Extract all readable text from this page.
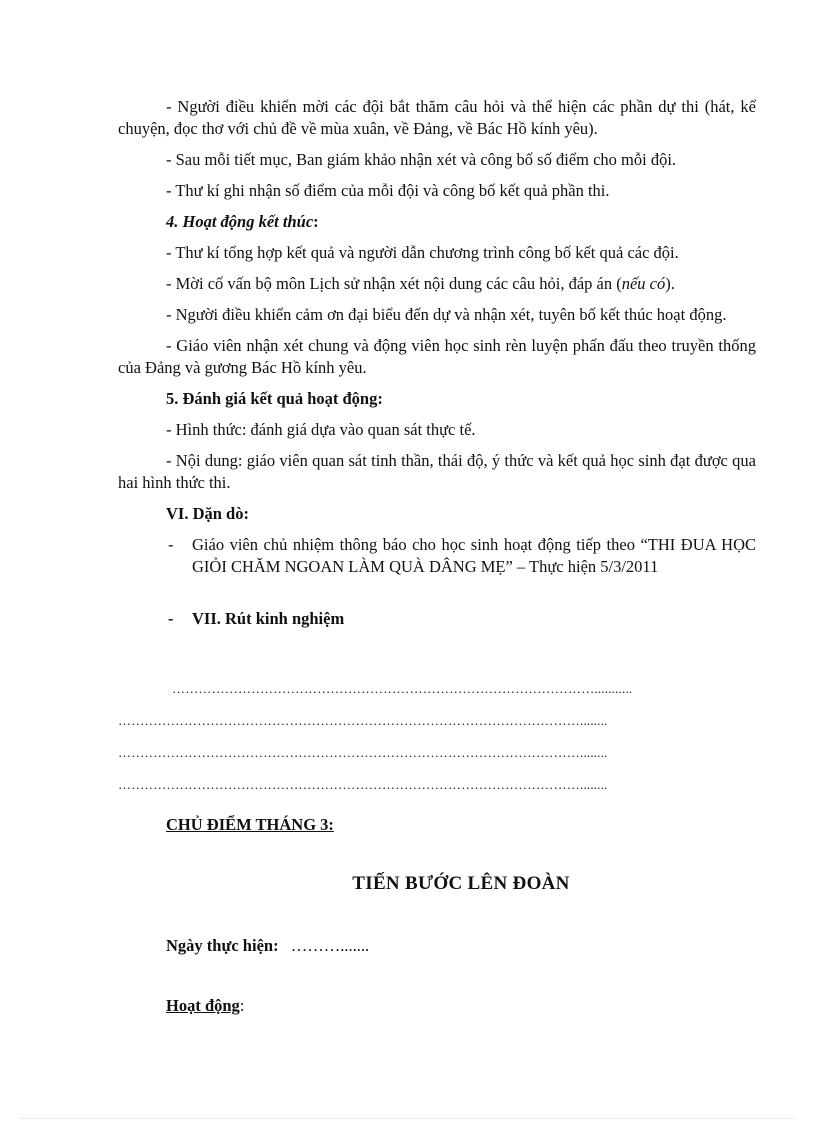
- Người điều khiển mời các đội bắt thăm câu hỏi và thể hiện các phần dự thi (hát, kể chuyện, đọc thơ với chủ đề về mùa xuân, về Đảng, về Bác Hồ kính yêu).

- Sau mỗi tiết mục, Ban giám khảo nhận xét và công bố số điểm cho mỗi đội.

- Thư kí ghi nhận số điểm của mỗi đội và công bố kết quả phần thi.

4. Hoạt động kết thúc:

- Thư kí tổng hợp kết quả và người dẫn chương trình công bố kết quả các đội.

- Mời cố vấn bộ môn Lịch sử nhận xét nội dung các câu hỏi, đáp án (nếu có).

- Người điều khiển cảm ơn đại biểu đến dự và nhận xét, tuyên bố kết thúc hoạt động.

- Giáo viên nhận xét chung và động viên học sinh rèn luyện phấn đấu theo truyền thống của Đảng và gương Bác Hồ kính yêu.

5. Đánh giá kết quả hoạt động:

- Hình thức: đánh giá dựa vào quan sát thực tế.

- Nội dung: giáo viên quan sát tinh thần, thái độ, ý thức và kết quả học sinh đạt được qua hai hình thức thi.

VI. Dặn dò:

- Giáo viên chủ nhiệm thông báo cho học sinh hoạt động tiếp theo “THI ĐUA HỌC GIỎI CHĂM NGOAN LÀM QUÀ DÂNG MẸ” – Thực hiện 5/3/2011

- VII. Rút kinh nghiệm

……………………………………………………………………………………...........
……………………………………………………………………………………………........
……………………………………………………………………………………………........
……………………………………………………………………………………………........
CHỦ ĐIỂM THÁNG 3:
TIẾN BƯỚC LÊN ĐOÀN
Ngày thực hiện: ……….......
Hoạt động:
